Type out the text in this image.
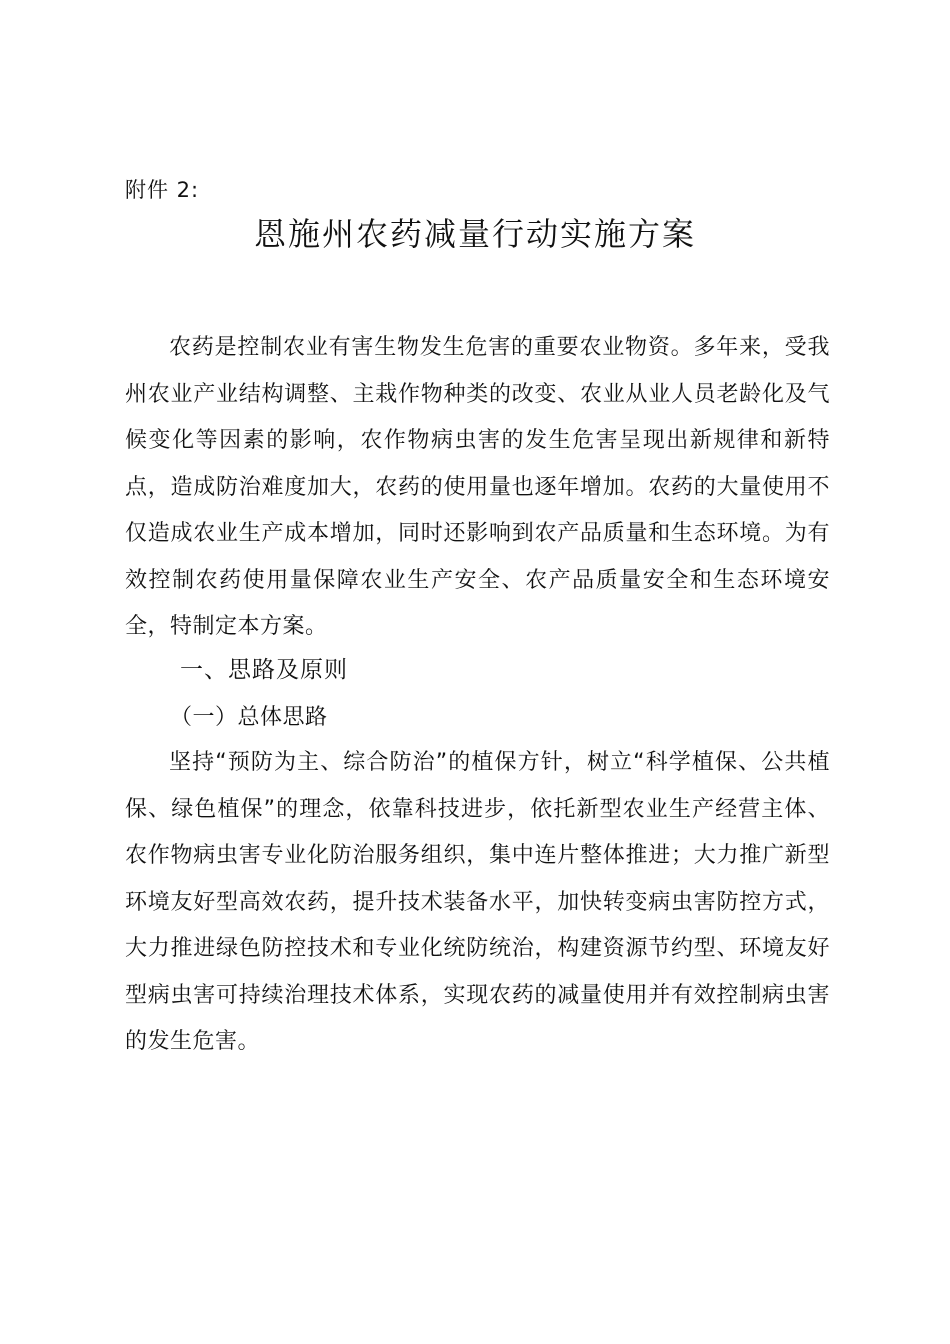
附件 2:
恩施州农药减量行动实施方案

农药是控制农业有害生物发生危害的重要农业物资。多年来，受我州农业产业结构调整、主栽作物种类的改变、农业从业人员老龄化及气候变化等因素的影响，农作物病虫害的发生危害呈现出新规律和新特点，造成防治难度加大，农药的使用量也逐年增加。农药的大量使用不仅造成农业生产成本增加，同时还影响到农产品质量和生态环境。为有效控制农药使用量保障农业生产安全、农产品质量安全和生态环境安全，特制定本方案。

一、思路及原则
（一）总体思路

坚持“预防为主、综合防治”的植保方针，树立“科学植保、公共植保、绿色植保”的理念，依靠科技进步，依托新型农业生产经营主体、农作物病虫害专业化防治服务组织，集中连片整体推进；大力推广新型环境友好型高效农药，提升技术装备水平，加快转变病虫害防控方式，大力推进绿色防控技术和专业化统防统治，构建资源节约型、环境友好型病虫害可持续治理技术体系，实现农药的减量使用并有效控制病虫害的发生危害。
